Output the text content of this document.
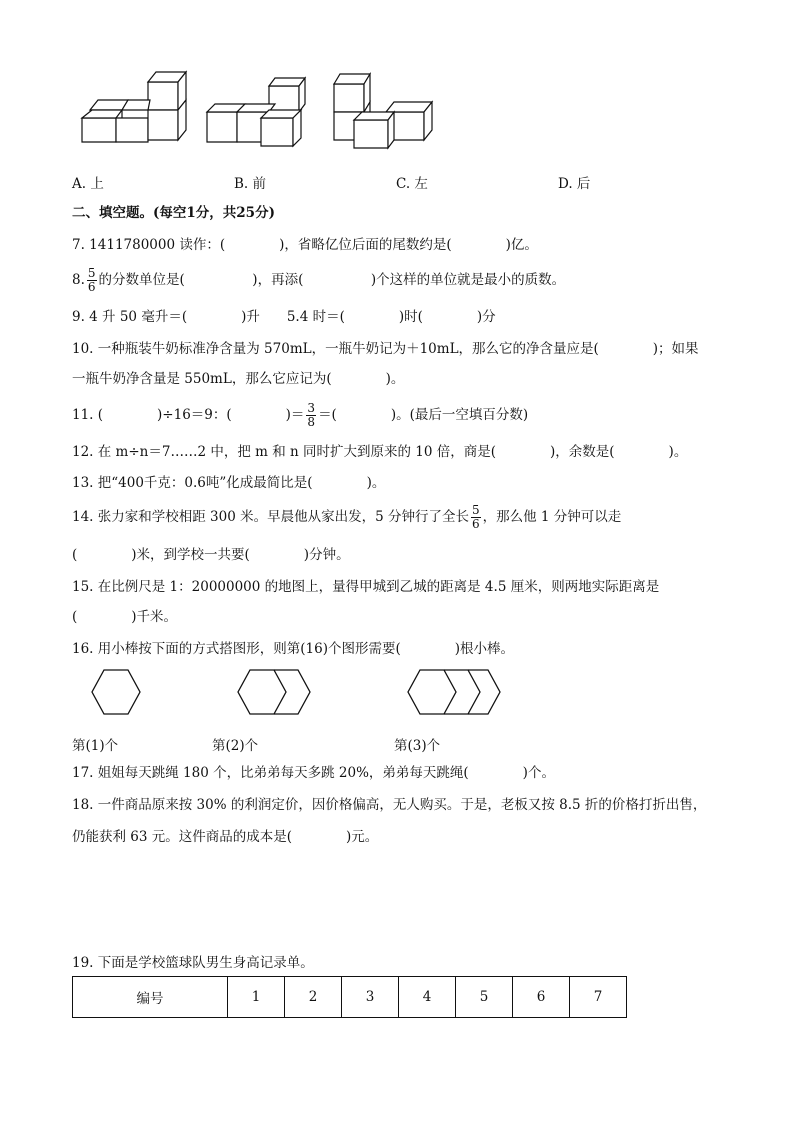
A. 上	B. 前	C. 左	D. 后
二、填空题。(每空1分，共25分)
7. 1411780000 读作：(　　　　)，省略亿位后面的尾数约是(　　　　)亿。
8. $\frac{5}{6}$ 的分数单位是(　　　　　)，再添(　　　　　)个这样的单位就是最小的质数。
9. 4 升 50 毫升＝(　　　　)升　　5.4 时＝(　　　　)时(　　　　)分
10. 一种瓶装牛奶标准净含量为 570mL，一瓶牛奶记为＋10mL，那么它的净含量应是(　　　　)；如果
一瓶牛奶净含量是 550mL，那么它应记为(　　　　)。
11. (　　　　)÷16＝9：(　　　　)＝ $\frac{3}{8}$ ＝(　　　　)。(最后一空填百分数)
12. 在 m÷n＝7……2 中，把 m 和 n 同时扩大到原来的 10 倍，商是(　　　　)，余数是(　　　　)。
13. 把“400千克：0.6吨”化成最简比是(　　　　)。
14. 张力家和学校相距 300 米。早晨他从家出发，5 分钟行了全长 $\frac{5}{6}$ ，那么他 1 分钟可以走
(　　　　)米，到学校一共要(　　　　)分钟。
15. 在比例尺是 1：20000000 的地图上，量得甲城到乙城的距离是 4.5 厘米，则两地实际距离是
(　　　　)千米。
16. 用小棒按下面的方式搭图形，则第(16)个图形需要(　　　　)根小棒。
第(1)个	第(2)个	第(3)个
17. 姐姐每天跳绳 180 个，比弟弟每天多跳 20%，弟弟每天跳绳(　　　　)个。
18. 一件商品原来按 30% 的利润定价，因价格偏高，无人购买。于是，老板又按 8.5 折的价格打折出售，
仍能获利 63 元。这件商品的成本是(　　　　)元。
19. 下面是学校篮球队男生身高记录单。
编号	1	2	3	4	5	6	7
